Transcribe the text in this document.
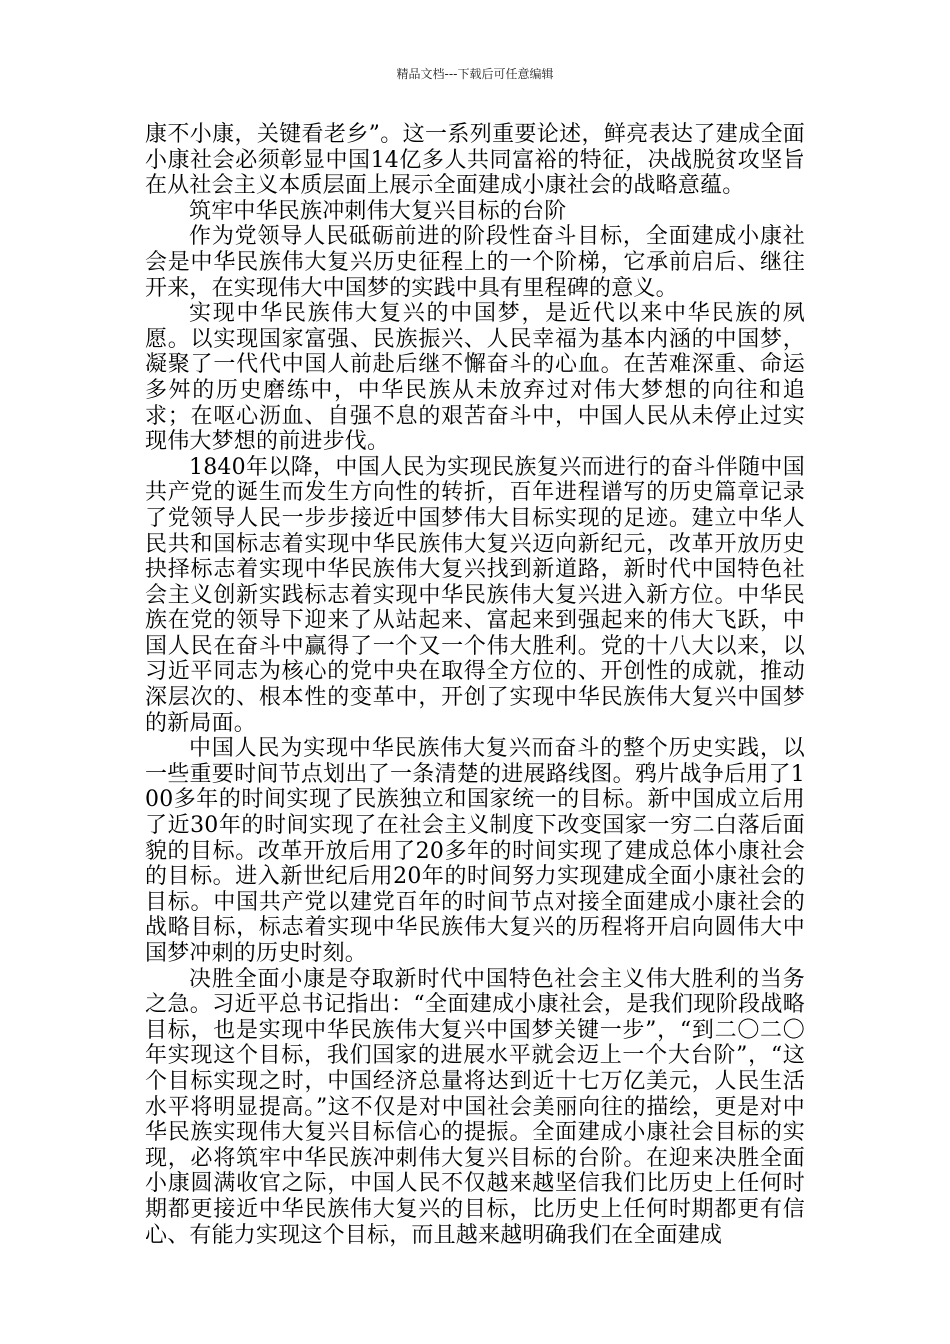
精品文档---下载后可任意编辑

康不小康，关键看老乡”。这一系列重要论述，鲜亮表达了建成全面小康社会必须彰显中国14亿多人共同富裕的特征，决战脱贫攻坚旨在从社会主义本质层面上展示全面建成小康社会的战略意蕴。

筑牢中华民族冲刺伟大复兴目标的台阶

作为党领导人民砥砺前进的阶段性奋斗目标，全面建成小康社会是中华民族伟大复兴历史征程上的一个阶梯，它承前启后、继往开来，在实现伟大中国梦的实践中具有里程碑的意义。

实现中华民族伟大复兴的中国梦，是近代以来中华民族的夙愿。以实现国家富强、民族振兴、人民幸福为基本内涵的中国梦，凝聚了一代代中国人前赴后继不懈奋斗的心血。在苦难深重、命运多舛的历史磨练中，中华民族从未放弃过对伟大梦想的向往和追求；在呕心沥血、自强不息的艰苦奋斗中，中国人民从未停止过实现伟大梦想的前进步伐。

1840年以降，中国人民为实现民族复兴而进行的奋斗伴随中国共产党的诞生而发生方向性的转折，百年进程谱写的历史篇章记录了党领导人民一步步接近中国梦伟大目标实现的足迹。建立中华人民共和国标志着实现中华民族伟大复兴迈向新纪元，改革开放历史抉择标志着实现中华民族伟大复兴找到新道路，新时代中国特色社会主义创新实践标志着实现中华民族伟大复兴进入新方位。中华民族在党的领导下迎来了从站起来、富起来到强起来的伟大飞跃，中国人民在奋斗中赢得了一个又一个伟大胜利。党的十八大以来，以习近平同志为核心的党中央在取得全方位的、开创性的成就，推动深层次的、根本性的变革中，开创了实现中华民族伟大复兴中国梦的新局面。

中国人民为实现中华民族伟大复兴而奋斗的整个历史实践，以一些重要时间节点划出了一条清楚的进展路线图。鸦片战争后用了100多年的时间实现了民族独立和国家统一的目标。新中国成立后用了近30年的时间实现了在社会主义制度下改变国家一穷二白落后面貌的目标。改革开放后用了20多年的时间实现了建成总体小康社会的目标。进入新世纪后用20年的时间努力实现建成全面小康社会的目标。中国共产党以建党百年的时间节点对接全面建成小康社会的战略目标，标志着实现中华民族伟大复兴的历程将开启向圆伟大中国梦冲刺的历史时刻。

决胜全面小康是夺取新时代中国特色社会主义伟大胜利的当务之急。习近平总书记指出：“全面建成小康社会，是我们现阶段战略目标，也是实现中华民族伟大复兴中国梦关键一步”，“到二〇二〇年实现这个目标，我们国家的进展水平就会迈上一个大台阶”，“这个目标实现之时，中国经济总量将达到近十七万亿美元，人民生活水平将明显提高。”这不仅是对中国社会美丽向往的描绘，更是对中华民族实现伟大复兴目标信心的提振。全面建成小康社会目标的实现，必将筑牢中华民族冲刺伟大复兴目标的台阶。在迎来决胜全面小康圆满收官之际，中国人民不仅越来越坚信我们比历史上任何时期都更接近中华民族伟大复兴的目标，比历史上任何时期都更有信心、有能力实现这个目标，而且越来越明确我们在全面建成
